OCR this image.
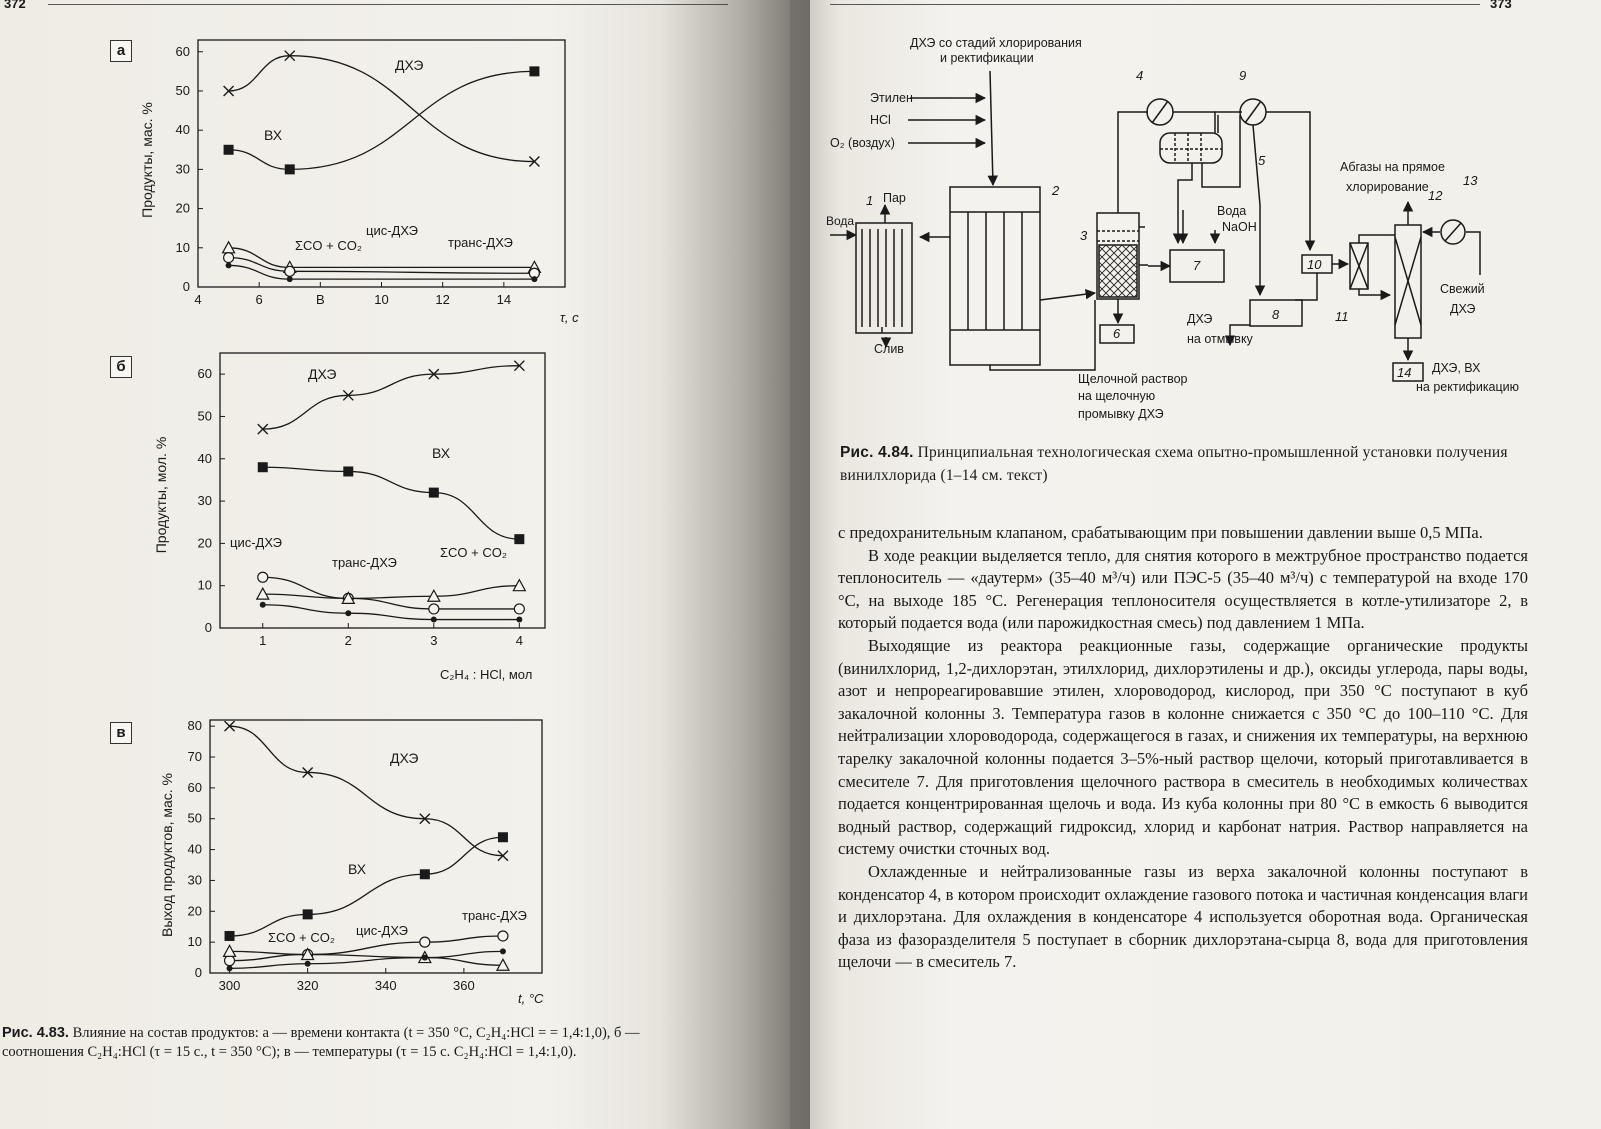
372
а
Продукты, мас. %
τ, с
ДХЭ
ВХ
цис-ДХЭ
ΣCO + CO₂	транс-ДХЭ
0
10
20
30
40
50
60
4	6	В	10	12	14
б
Продукты, мол. %
C₂H₄ : HCl, мол
ДХЭ
ВХ
цис-ДХЭ
транс-ДХЭ
ΣCO + CO₂
0
10
20
30
40
50
60
1	2	3	4
в
Выход продуктов, мас. %
t, °C
ДХЭ
ВХ
ΣCO + CO₂ цис-ДХЭ
транс-ДХЭ
0
10
20
30
40
50
60
70
80
300	320	340	360
Рис. 4.83. Влияние на состав продуктов: а — времени контакта (t = 350 °C, C₂H₄:HCl = = 1,4:1,0), б — соотношения C₂H₄:HCl (τ = 15 с., t = 350 °C); в — температуры (τ = 15 с. C₂H₄:HCl = 1,4:1,0).
373
ДХЭ со стадий хлорирования
и ректификации
Этилен
HCl
O₂ (воздух)
Вода
Пар
Слив
Вода
NaOH
Абгазы на прямое
хлорирование
Свежий
ДХЭ
ДХЭ
на отмывку
Щелочной раствор
на щелочную
промывку ДХЭ
ДХЭ, ВХ
на ректификацию
1
2
3
4
5
6
7
8
9
10
11
12
13
14
Рис. 4.84. Принципиальная технологическая схема опытно-промышленной установки получения винилхлорида (1–14 см. текст)

с предохранительным клапаном, срабатывающим при повышении давлении выше 0,5 МПа.

В ходе реакции выделяется тепло, для снятия которого в межтрубное пространство подается теплоноситель — «даутерм» (35–40 м³/ч) или ПЭС-5 (35–40 м³/ч) с температурой на входе 170 °C, на выходе 185 °C. Регенерация теплоносителя осуществляется в котле-утилизаторе 2, в который подается вода (или парожидкостная смесь) под давлением 1 МПа.

Выходящие из реактора реакционные газы, содержащие органические продукты (винилхлорид, 1,2-дихлорэтан, этилхлорид, дихлорэтилены и др.), оксиды углерода, пары воды, азот и непрореагировавшие этилен, хлороводород, кислород, при 350 °C поступают в куб закалочной колонны 3. Температура газов в колонне снижается с 350 °C до 100–110 °C. Для нейтрализации хлороводорода, содержащегося в газах, и снижения их температуры, на верхнюю тарелку закалочной колонны подается 3–5%-ный раствор щелочи, который приготавливается в смесителе 7. Для приготовления щелочного раствора в смеситель в необходимых количествах подается концентрированная щелочь и вода. Из куба колонны при 80 °C в емкость 6 выводится водный раствор, содержащий гидроксид, хлорид и карбонат натрия. Раствор направляется на систему очистки сточных вод.

Охлажденные и нейтрализованные газы из верха закалочной колонны поступают в конденсатор 4, в котором происходит охлаждение газового потока и частичная конденсация влаги и дихлорэтана. Для охлаждения в конденсаторе 4 используется оборотная вода. Органическая фаза из фазоразделителя 5 поступает в сборник дихлорэтана-сырца 8, вода для приготовления щелочи — в смеситель 7.
